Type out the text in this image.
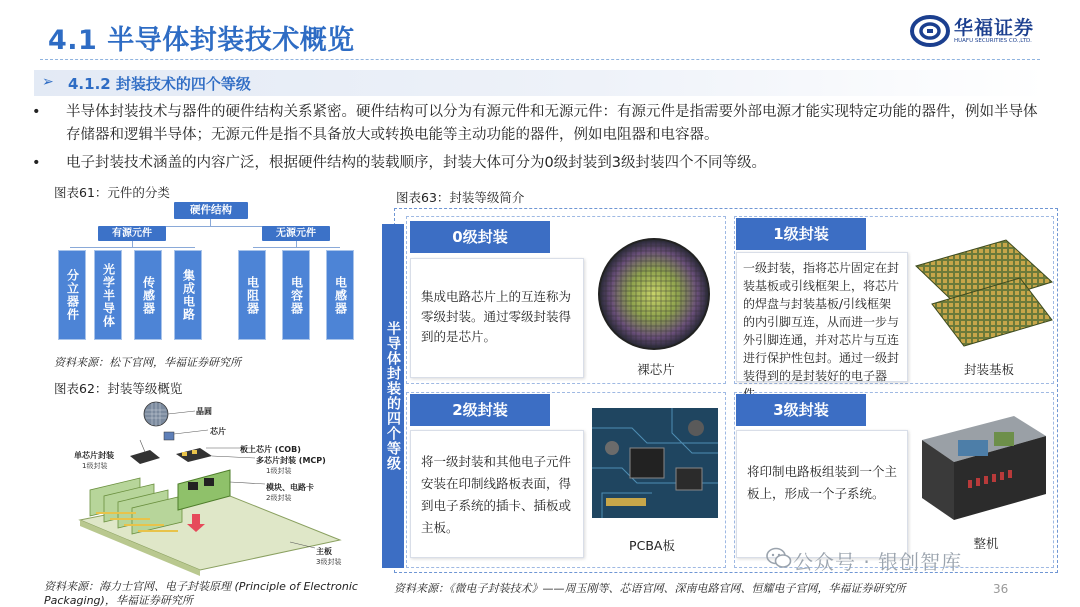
4.1 半导体封装技术概览	华福证券
HUAFU SECURITIES CO.,LTD.
➢ 4.1.2 封装技术的四个等级
• 半导体封装技术与器件的硬件结构关系紧密。硬件结构可以分为有源元件和无源元件：有源元件是指需要外部电源才能实现特定功能的器件，例如半导体存储器和逻辑半导体；无源元件是指不具备放大或转换电能等主动功能的器件，例如电阻器和电容器。
• 电子封装技术涵盖的内容广泛，根据硬件结构的装载顺序，封装大体可分为0级封装到3级封装四个不同等级。
图表61：元件的分类
硬件结构
有源元件	无源元件
分立器件	光学半导体	传感器	集成电路	电阻器	电容器	电感器
资料来源：松下官网，华福证券研究所
图表62：封装等级概览
晶圆
芯片
单芯片封装
1级封装
板上芯片 (COB)
多芯片封装 (MCP)
1级封装
模块、电路卡
2级封装
主板
3级封装
资料来源：海力士官网、电子封装原理 (Principle of Electronic Packaging)，华福证券研究所
图表63：封装等级简介
半导体封装的四个等级
0级封装
集成电路芯片上的互连称为零级封装。通过零级封装得到的是芯片。
裸芯片
1级封装
一级封装，指将芯片固定在封装基板或引线框架上，将芯片的焊盘与封装基板/引线框架的内引脚互连，从而进一步与外引脚连通，并对芯片与互连进行保护性包封。通过一级封装得到的是封装好的电子器	封装基板
2级封装
将一级封装和其他电子元件安装在印制线路板表面，得到电子系统的插卡、插板或主板。
PCBA板
3级封装
将印制电路板组装到一个主板上，形成一个子系统。
整机
资料来源：《微电子封装技术》——周玉刚等、芯语官网、深南电路官网、恒耀电子官网，华福证券研究所
公众号 · 银创智库
36
